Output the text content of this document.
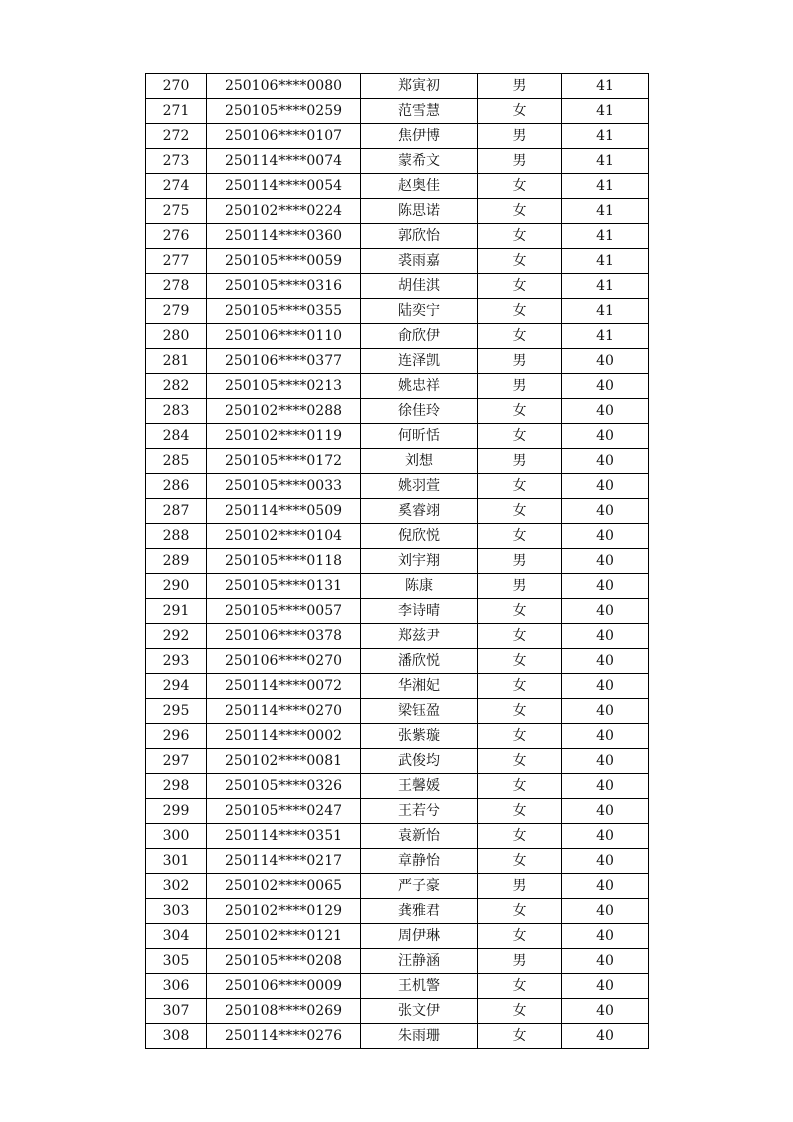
270	250106****0080	郑寅初	男	41
271	250105****0259	范雪慧	女	41
272	250106****0107	焦伊博	男	41
273	250114****0074	蒙希文	男	41
274	250114****0054	赵奥佳	女	41
275	250102****0224	陈思诺	女	41
276	250114****0360	郭欣怡	女	41
277	250105****0059	裘雨嘉	女	41
278	250105****0316	胡佳淇	女	41
279	250105****0355	陆奕宁	女	41
280	250106****0110	俞欣伊	女	41
281	250106****0377	连泽凯	男	40
282	250105****0213	姚忠祥	男	40
283	250102****0288	徐佳玲	女	40
284	250102****0119	何昕恬	女	40
285	250105****0172	刘想	男	40
286	250105****0033	姚羽萱	女	40
287	250114****0509	奚睿翊	女	40
288	250102****0104	倪欣悦	女	40
289	250105****0118	刘宇翔	男	40
290	250105****0131	陈康	男	40
291	250105****0057	李诗晴	女	40
292	250106****0378	郑兹尹	女	40
293	250106****0270	潘欣悦	女	40
294	250114****0072	华湘妃	女	40
295	250114****0270	梁钰盈	女	40
296	250114****0002	张紫璇	女	40
297	250102****0081	武俊均	女	40
298	250105****0326	王馨媛	女	40
299	250105****0247	王若兮	女	40
300	250114****0351	袁新怡	女	40
301	250114****0217	章静怡	女	40
302	250102****0065	严子豪	男	40
303	250102****0129	龚雅君	女	40
304	250102****0121	周伊琳	女	40
305	250105****0208	汪静涵	男	40
306	250106****0009	王机警	女	40
307	250108****0269	张文伊	女	40
308	250114****0276	朱雨珊	女	40
